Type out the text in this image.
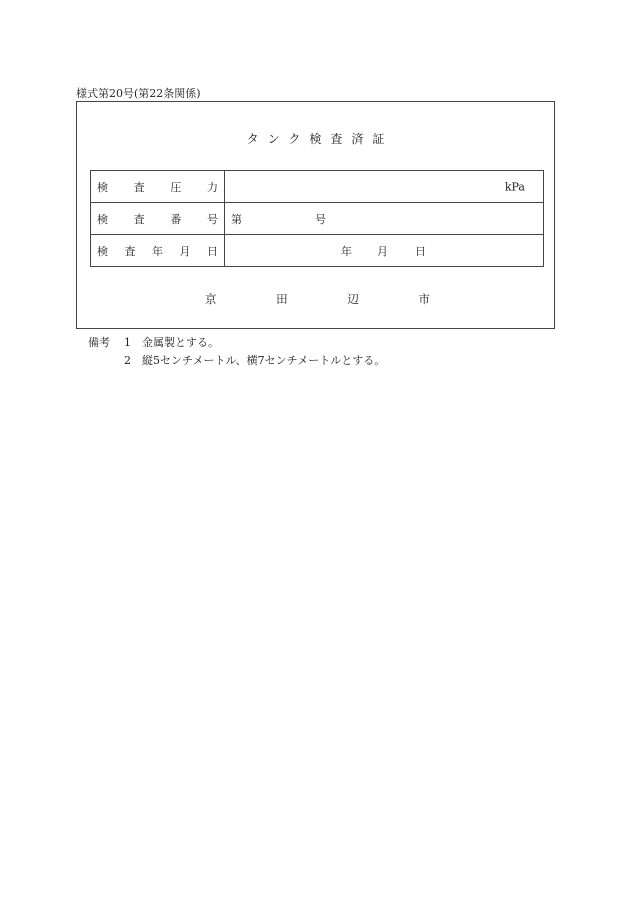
様式第20号(第22条関係)
タンク検査済証
検査圧力	kPa

検査番号	第 号

検査年月日	年 月 日
京	田	辺	市
備考	1	金属製とする。
2	縦5センチメートル、横7センチメートルとする。
